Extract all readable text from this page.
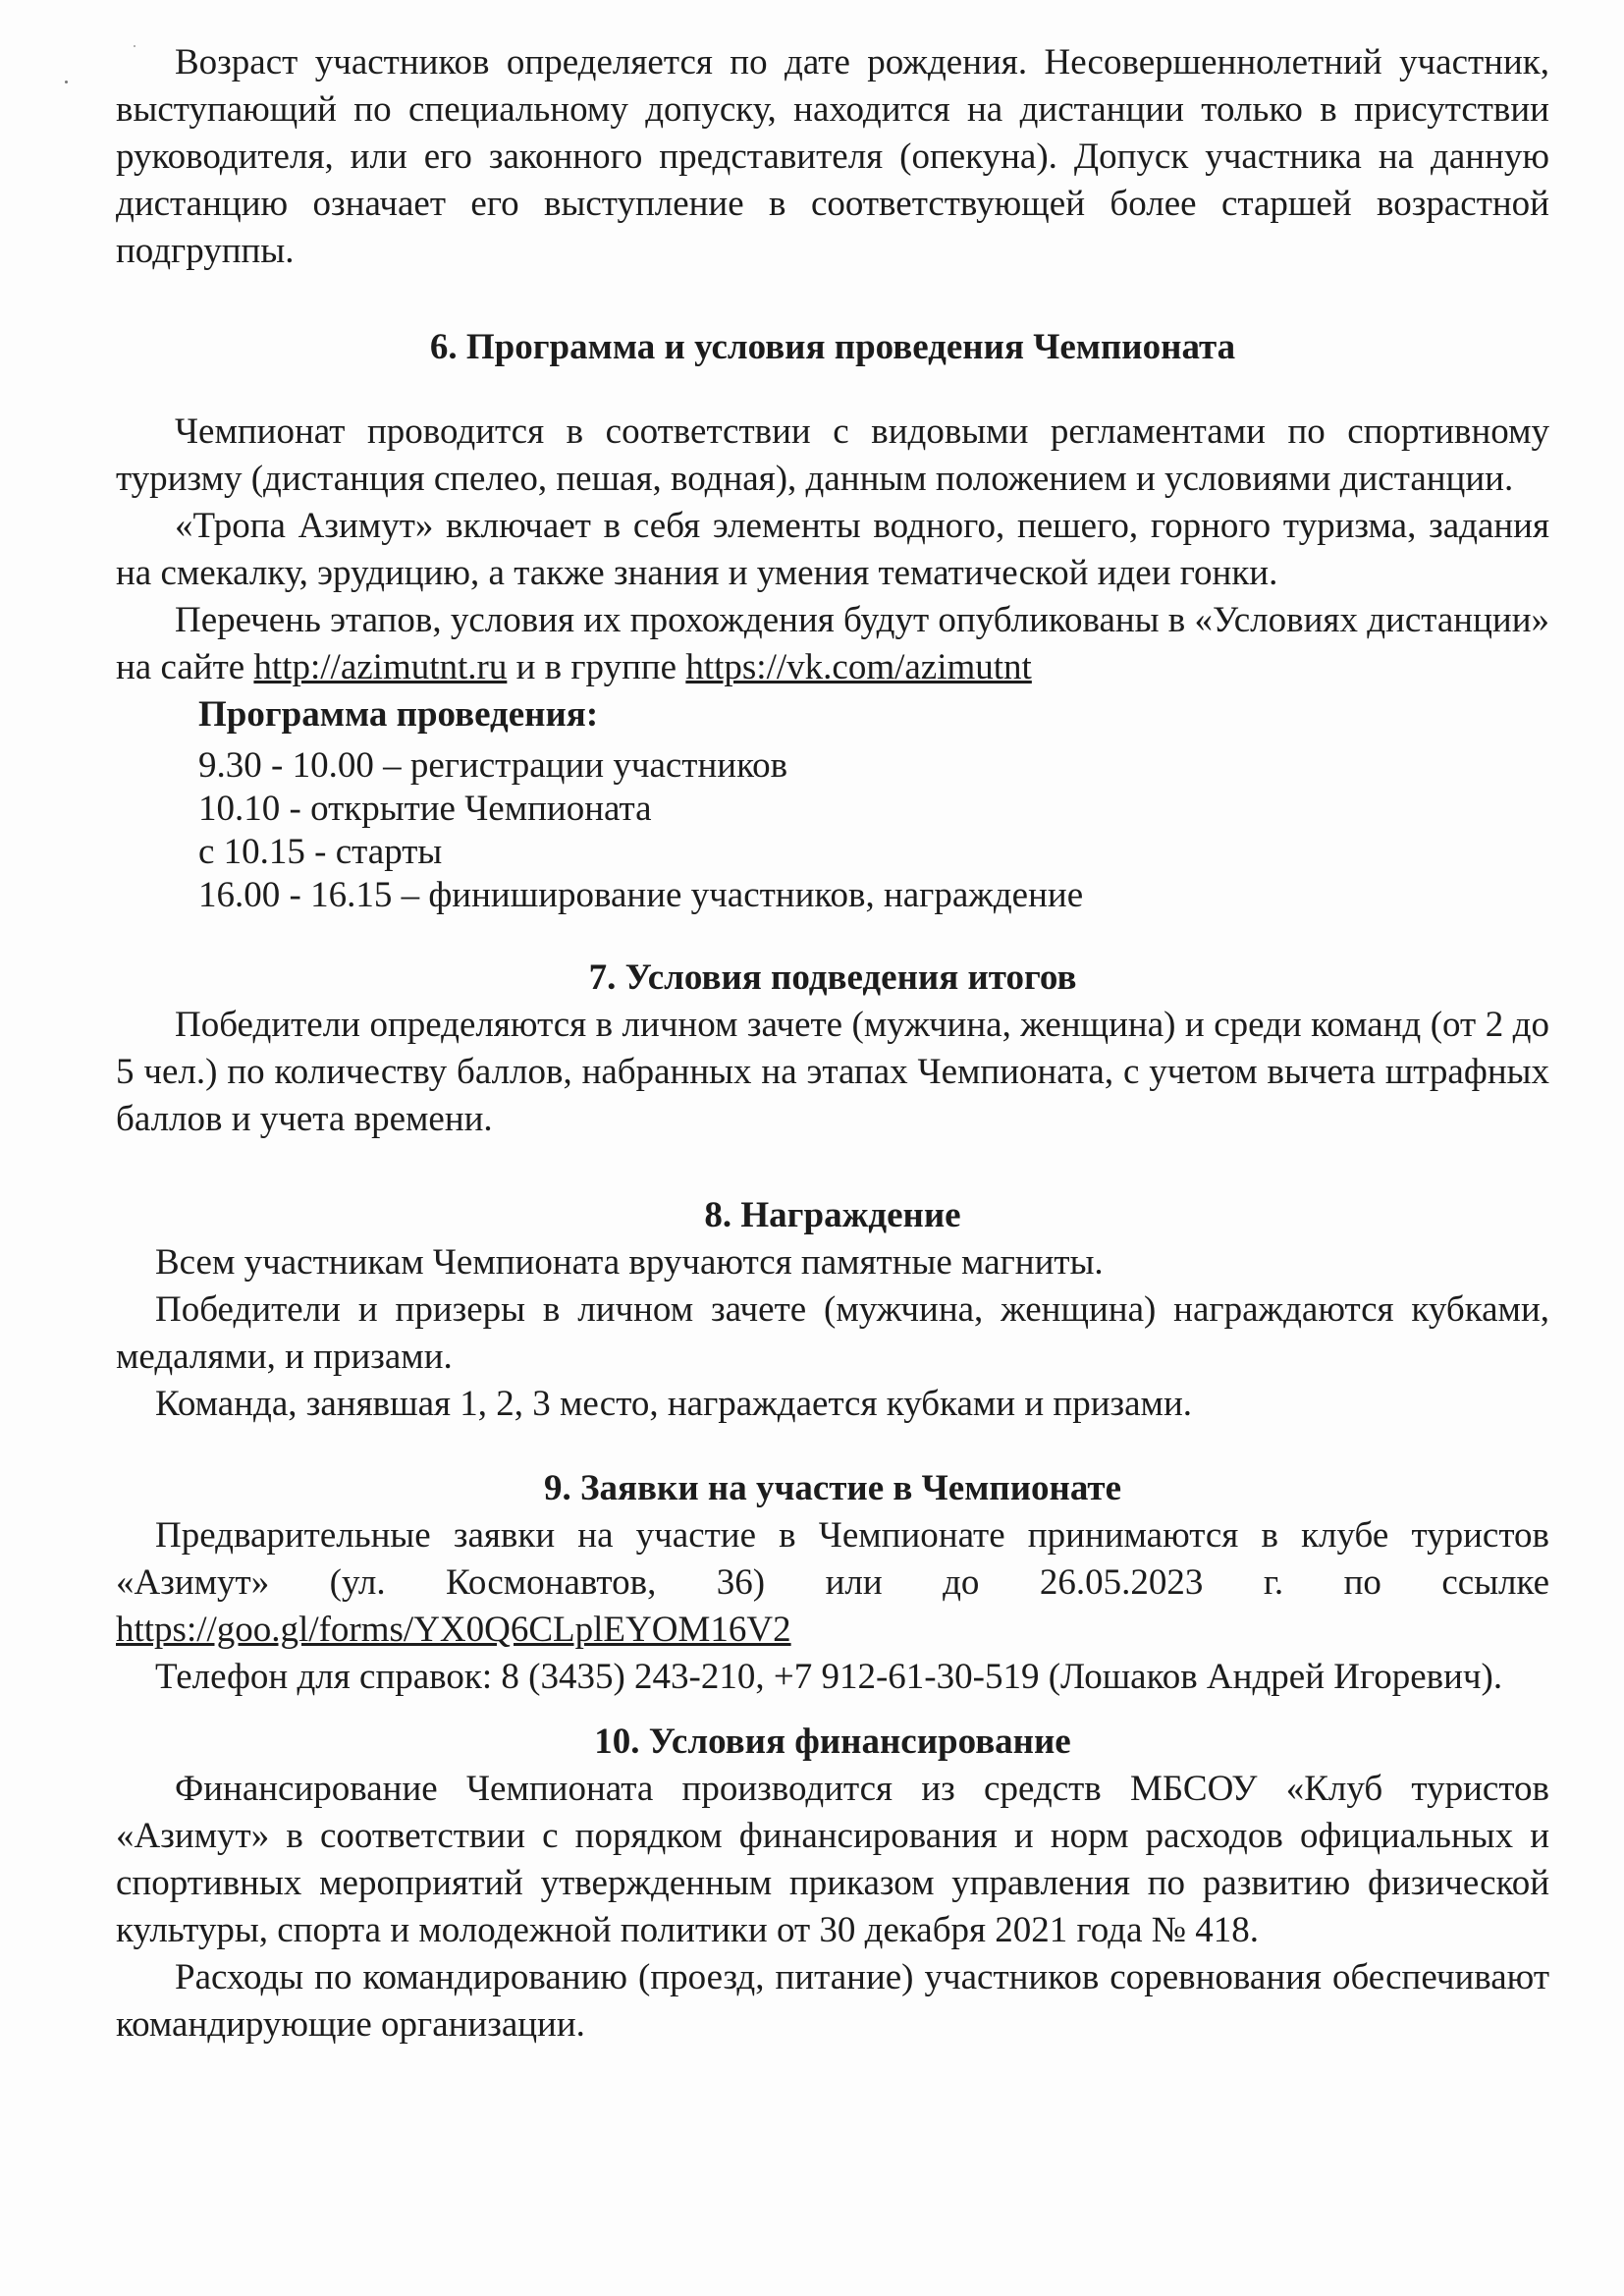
Возраст участников определяется по дате рождения. Несовершеннолетний участник, выступающий по специальному допуску, находится на дистанции только в присутствии руководителя, или его законного представителя (опекуна). Допуск участника на данную дистанцию означает его выступление в соответствующей более старшей возрастной подгруппы.

6. Программа и условия проведения Чемпионата

Чемпионат проводится в соответствии с видовыми регламентами по спортивному туризму (дистанция спелео, пешая, водная), данным положением и условиями дистанции.

«Тропа Азимут» включает в себя элементы водного, пешего, горного туризма, задания на смекалку, эрудицию, а также знания и умения тематической идеи гонки.

Перечень этапов, условия их прохождения будут опубликованы в «Условиях дистанции» на сайте http://azimutnt.ru и в группе https://vk.com/azimutnt

Программа проведения:
9.30 - 10.00 – регистрации участников
10.10 - открытие Чемпионата
с 10.15 - старты
16.00 - 16.15 – финиширование участников, награждение
7. Условия подведения итогов

Победители определяются в личном зачете (мужчина, женщина) и среди команд (от 2 до 5 чел.) по количеству баллов, набранных на этапах Чемпионата, с учетом вычета штрафных баллов и учета времени.

8. Награждение

Всем участникам Чемпионата вручаются памятные магниты.

Победители и призеры в личном зачете (мужчина, женщина) награждаются кубками, медалями, и призами.

Команда, занявшая 1, 2, 3 место, награждается кубками и призами.

9. Заявки на участие в Чемпионате

Предварительные заявки на участие в Чемпионате принимаются в клубе туристов «Азимут» (ул. Космонавтов, 36) или до 26.05.2023 г. по ссылке https://goo.gl/forms/YX0Q6CLplEYOM16V2

Телефон для справок: 8 (3435) 243-210, +7 912-61-30-519 (Лошаков Андрей Игоревич).

10. Условия финансирование

Финансирование Чемпионата производится из средств МБСОУ «Клуб туристов «Азимут» в соответствии с порядком финансирования и норм расходов официальных и спортивных мероприятий утвержденным приказом управления по развитию физической культуры, спорта и молодежной политики от 30 декабря 2021 года № 418.

Расходы по командированию (проезд, питание) участников соревнования обеспечивают командирующие организации.
